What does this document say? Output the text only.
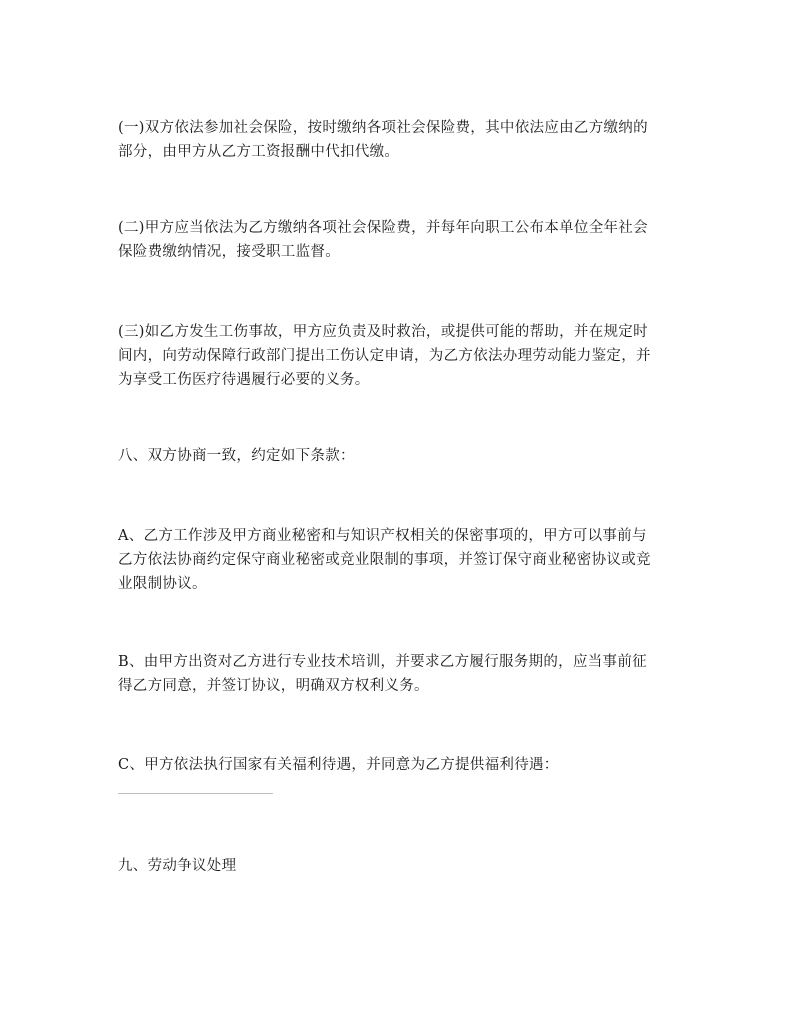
(一)双方依法参加社会保险，按时缴纳各项社会保险费，其中依法应由乙方缴纳的
部分，由甲方从乙方工资报酬中代扣代缴。

(二)甲方应当依法为乙方缴纳各项社会保险费，并每年向职工公布本单位全年社会
保险费缴纳情况，接受职工监督。

(三)如乙方发生工伤事故，甲方应负责及时救治，或提供可能的帮助，并在规定时
间内，向劳动保障行政部门提出工伤认定申请，为乙方依法办理劳动能力鉴定，并
为享受工伤医疗待遇履行必要的义务。

八、双方协商一致，约定如下条款：

A、乙方工作涉及甲方商业秘密和与知识产权相关的保密事项的，甲方可以事前与
乙方依法协商约定保守商业秘密或竞业限制的事项，并签订保守商业秘密协议或竞
业限制协议。

B、由甲方出资对乙方进行专业技术培训，并要求乙方履行服务期的，应当事前征
得乙方同意，并签订协议，明确双方权利义务。

C、甲方依法执行国家有关福利待遇，并同意为乙方提供福利待遇：

九、劳动争议处理
